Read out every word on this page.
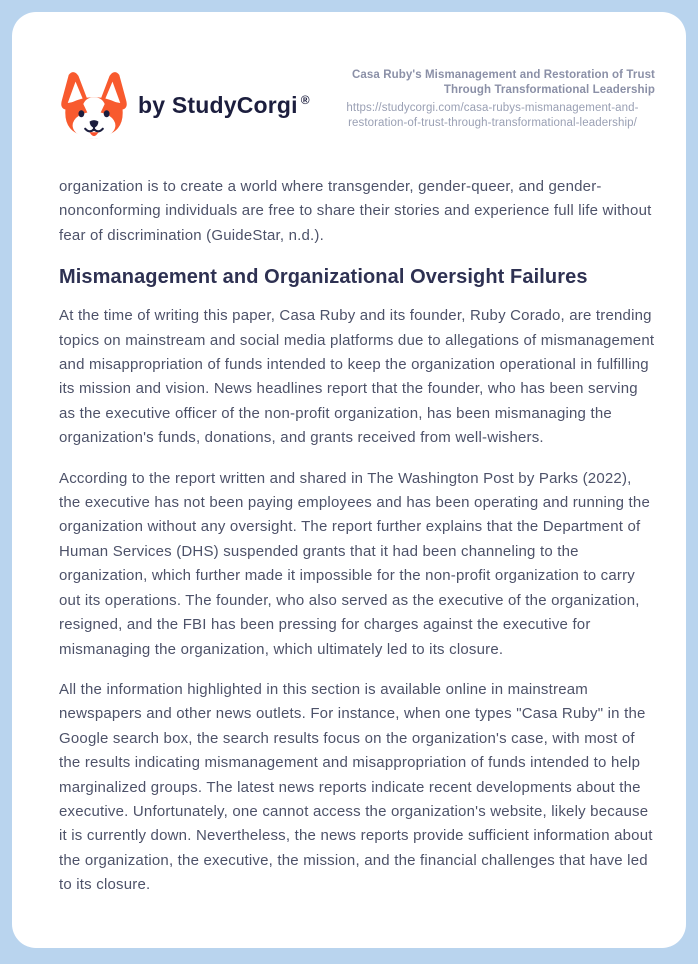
by StudyCorgi ®
Casa Ruby's Mismanagement and Restoration of Trust Through Transformational Leadership
https://studycorgi.com/casa-rubys-mismanagement-and-restoration-of-trust-through-transformational-leadership/

organization is to create a world where transgender, gender-queer, and gender-nonconforming individuals are free to share their stories and experience full life without fear of discrimination (GuideStar, n.d.).

Mismanagement and Organizational Oversight Failures

At the time of writing this paper, Casa Ruby and its founder, Ruby Corado, are trending topics on mainstream and social media platforms due to allegations of mismanagement and misappropriation of funds intended to keep the organization operational in fulfilling its mission and vision. News headlines report that the founder, who has been serving as the executive officer of the non-profit organization, has been mismanaging the organization's funds, donations, and grants received from well-wishers.

According to the report written and shared in The Washington Post by Parks (2022), the executive has not been paying employees and has been operating and running the organization without any oversight. The report further explains that the Department of Human Services (DHS) suspended grants that it had been channeling to the organization, which further made it impossible for the non-profit organization to carry out its operations. The founder, who also served as the executive of the organization, resigned, and the FBI has been pressing for charges against the executive for mismanaging the organization, which ultimately led to its closure.

All the information highlighted in this section is available online in mainstream newspapers and other news outlets. For instance, when one types "Casa Ruby" in the Google search box, the search results focus on the organization's case, with most of the results indicating mismanagement and misappropriation of funds intended to help marginalized groups. The latest news reports indicate recent developments about the executive. Unfortunately, one cannot access the organization's website, likely because it is currently down. Nevertheless, the news reports provide sufficient information about the organization, the executive, the mission, and the financial challenges that have led to its closure.
